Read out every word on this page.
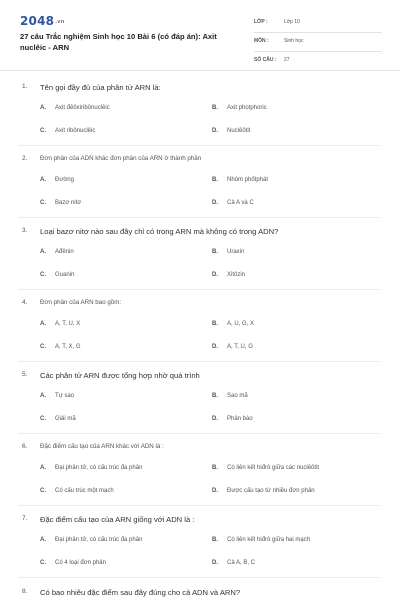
2048.vn
27 câu Trắc nghiệm Sinh học 10 Bài 6 (có đáp án): Axit nuclêic - ARN
LỚP :	Lớp 10
MÔN :	Sinh học
SỐ CÂU : 27
1. Tên gọi đầy đủ của phân tử ARN là:
A. Axit đêôxiribônuclêic	B. Axit photphoric
C. Axit ribônuclêic	D. Nuclêôtit
2. Đơn phân của ADN khác đơn phân của ARN ở thành phần
A. Đường	B. Nhóm phốtphát
C. Bazơ nitơ	D. Cả A và C
3. Loại bazơ nitơ nào sau đây chỉ có trong ARN mà không có trong ADN?
A. Ađênin	B. Uraxin
C. Guanin	D. Xitôzin
4. Đơn phân của ARN bao gồm:
A. A, T, U, X	B. A, U, G, X
C. A, T, X, G	D. A, T, U, G
5. Các phân tử ARN được tổng hợp nhờ quá trình
A. Tự sao	B. Sao mã
C. Giải mã	D. Phân bào
6. Đặc điểm cấu tạo của ARN khác với ADN là :
A. Đại phân tử, có cấu trúc đa phân	B. Có liên kết hiđrô giữa các nuclêôtit
C. Có cấu trúc một mạch	D. Được cấu tạo từ nhiều đơn phân
7. Đặc điểm cấu tạo của ARN giống với ADN là :
A. Đại phân tử, có cấu trúc đa phân	B. Có liên kết hiđrô giữa hai mạch
C. Có 4 loại đơn phân	D. Cả A, B, C
8. Có bao nhiêu đặc điểm sau đây đúng cho cả ADN và ARN?
